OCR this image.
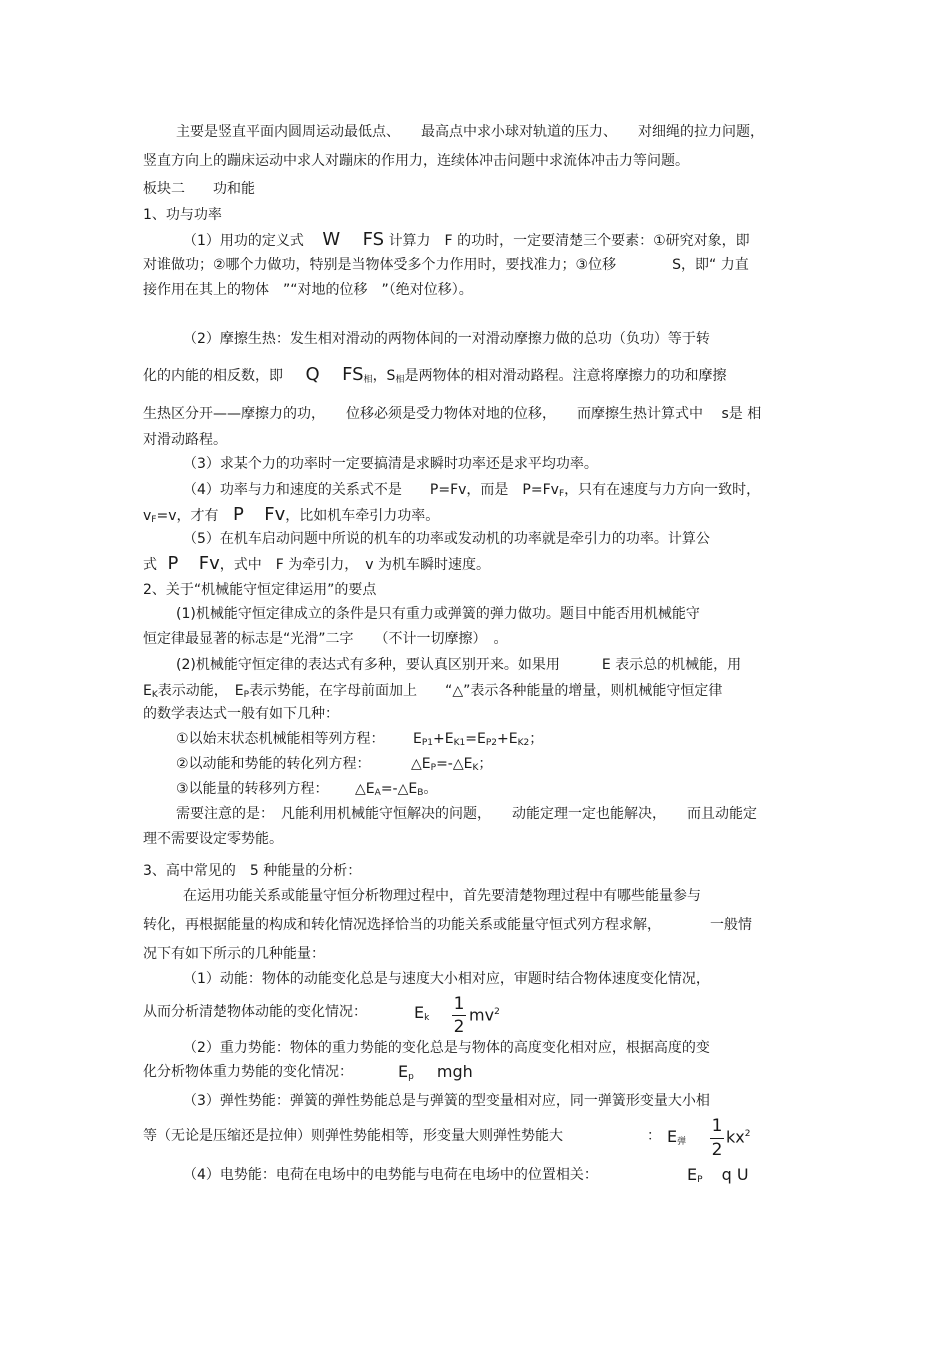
主要是竖直平面内圆周运动最低点、　　最高点中求小球对轨道的压力、　　对细绳的拉力问题，
竖直方向上的蹦床运动中求人对蹦床的作用力，连续体冲击问题中求流体冲击力等问题。
板块二　　功和能
1、功与功率
（1）用功的定义式 W FS 计算力　F 的功时，一定要清楚三个要素：①研究对象，即
对谁做功；②哪个力做功，特别是当物体受多个力作用时，要找准力；③位移　　　　S，即“ 力直
接作用在其上的物体　”“对地的位移　”（绝对位移）。
（2）摩擦生热：发生相对滑动的两物体间的一对滑动摩擦力做的总功（负功）等于转
化的内能的相反数，即 Q $FS_相$，$S_相$是两物体的相对滑动路程。注意将摩擦力的功和摩擦
生热区分开——摩擦力的功，　　位移必须是受力物体对地的位移，　　而摩擦生热计算式中　 s是 相
对滑动路程。
（3）求某个力的功率时一定要搞清是求瞬时功率还是求平均功率。
（4）功率与力和速度的关系式不是　　P=Fv，而是　$P=Fv_F$，只有在速度与力方向一致时，
$v_F=v$，才有 P Fv，比如机车牵引力功率。
（5）在机车启动问题中所说的机车的功率或发动机的功率就是牵引力的功率。计算公
式 P Fv，式中　F 为牵引力，　v 为机车瞬时速度。
2、关于“机械能守恒定律运用”的要点
(1)机械能守恒定律成立的条件是只有重力或弹簧的弹力做功。题目中能否用机械能守
恒定律最显著的标志是“光滑”二字　　（不计一切摩擦）　。
(2)机械能守恒定律的表达式有多种，要认真区别开来。如果用　　　E 表示总的机械能，用
$E_K$表示动能，　$E_P$表示势能，在字母前面加上　　“△”表示各种能量的增量，则机械能守恒定律
的数学表达式一般有如下几种：
①以始末状态机械能相等列方程： $E_{P1}+E_{K1}=E_{P2}+E_{K2}$；
②以动能和势能的转化列方程：	$\triangle E_P=-\triangle E_K$；
③以能量的转移列方程： $\triangle E_A=-\triangle E_B$。
需要注意的是：　凡能利用机械能守恒解决的问题，　　动能定理一定也能解决，　　而且动能定
理不需要设定零势能。
3、高中常见的　5 种能量的分析：
在运用功能关系或能量守恒分析物理过程中，首先要清楚物理过程中有哪些能量参与
转化，再根据能量的构成和转化情况选择恰当的功能关系或能量守恒式列方程求解，　　　　一般情
况下有如下所示的几种能量：
（1）动能：物体的动能变化总是与速度大小相对应，审题时结合物体速度变化情况，
从而分析清楚物体动能的变化情况：	$E_k$
1
2
$mv^2$
（2）重力势能：物体的重力势能的变化总是与物体的高度变化相对应，根据高度的变
化分析物体重力势能的变化情况：	$E_p$ mgh
（3）弹性势能：弹簧的弹性势能总是与弹簧的型变量相对应，同一弹簧形变量大小相
等（无论是压缩还是拉伸）则弹性势能相等，形变量大则弹性势能大	： $E_弹$
1
2
$kx^2$
（4）电势能：电荷在电场中的电势能与电荷在电场中的位置相关：	$E_P$ q U
